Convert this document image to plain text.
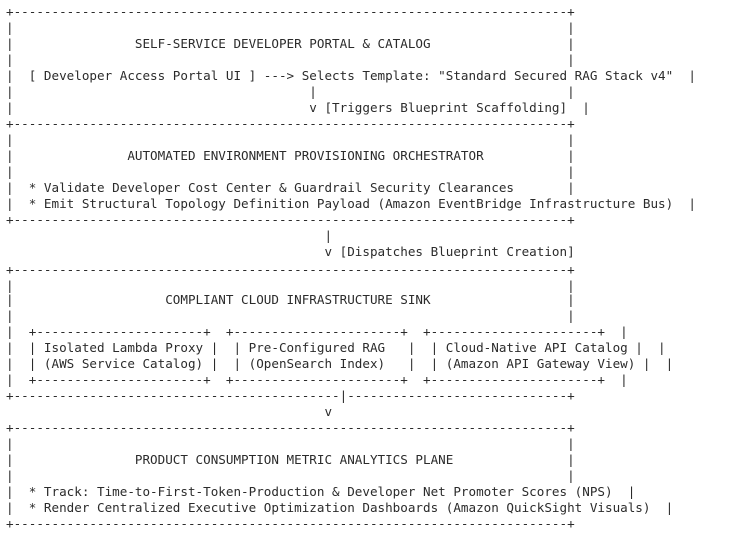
+-------------------------------------------------------------------------+
|                                                                         |
|                SELF-SERVICE DEVELOPER PORTAL & CATALOG                  |
|                                                                         |
|  [ Developer Access Portal UI ] ---> Selects Template: "Standard Secured RAG Stack v4"  |
|                                       |                                 |
|                                       v [Triggers Blueprint Scaffolding]  |
+-------------------------------------------------------------------------+
|                                                                         |
|               AUTOMATED ENVIRONMENT PROVISIONING ORCHESTRATOR           |
|                                                                         |
|  * Validate Developer Cost Center & Guardrail Security Clearances       |
|  * Emit Structural Topology Definition Payload (Amazon EventBridge Infrastructure Bus)  |
+-------------------------------------------------------------------------+
|
v [Dispatches Blueprint Creation]
+-------------------------------------------------------------------------+
|                                                                         |
|                    COMPLIANT CLOUD INFRASTRUCTURE SINK                  |
|                                                                         |
|  +----------------------+  +----------------------+  +----------------------+  |
|  | Isolated Lambda Proxy |  | Pre-Configured RAG   |  | Cloud-Native API Catalog |  |
|  | (AWS Service Catalog) |  | (OpenSearch Index)   |  | (Amazon API Gateway View) |  |
|  +----------------------+  +----------------------+  +----------------------+  |
+-------------------------------------------|-----------------------------+
v
+-------------------------------------------------------------------------+
|                                                                         |
|                PRODUCT CONSUMPTION METRIC ANALYTICS PLANE               |
|                                                                         |
|  * Track: Time-to-First-Token-Production & Developer Net Promoter Scores (NPS)  |
|  * Render Centralized Executive Optimization Dashboards (Amazon QuickSight Visuals)  |
+-------------------------------------------------------------------------+
